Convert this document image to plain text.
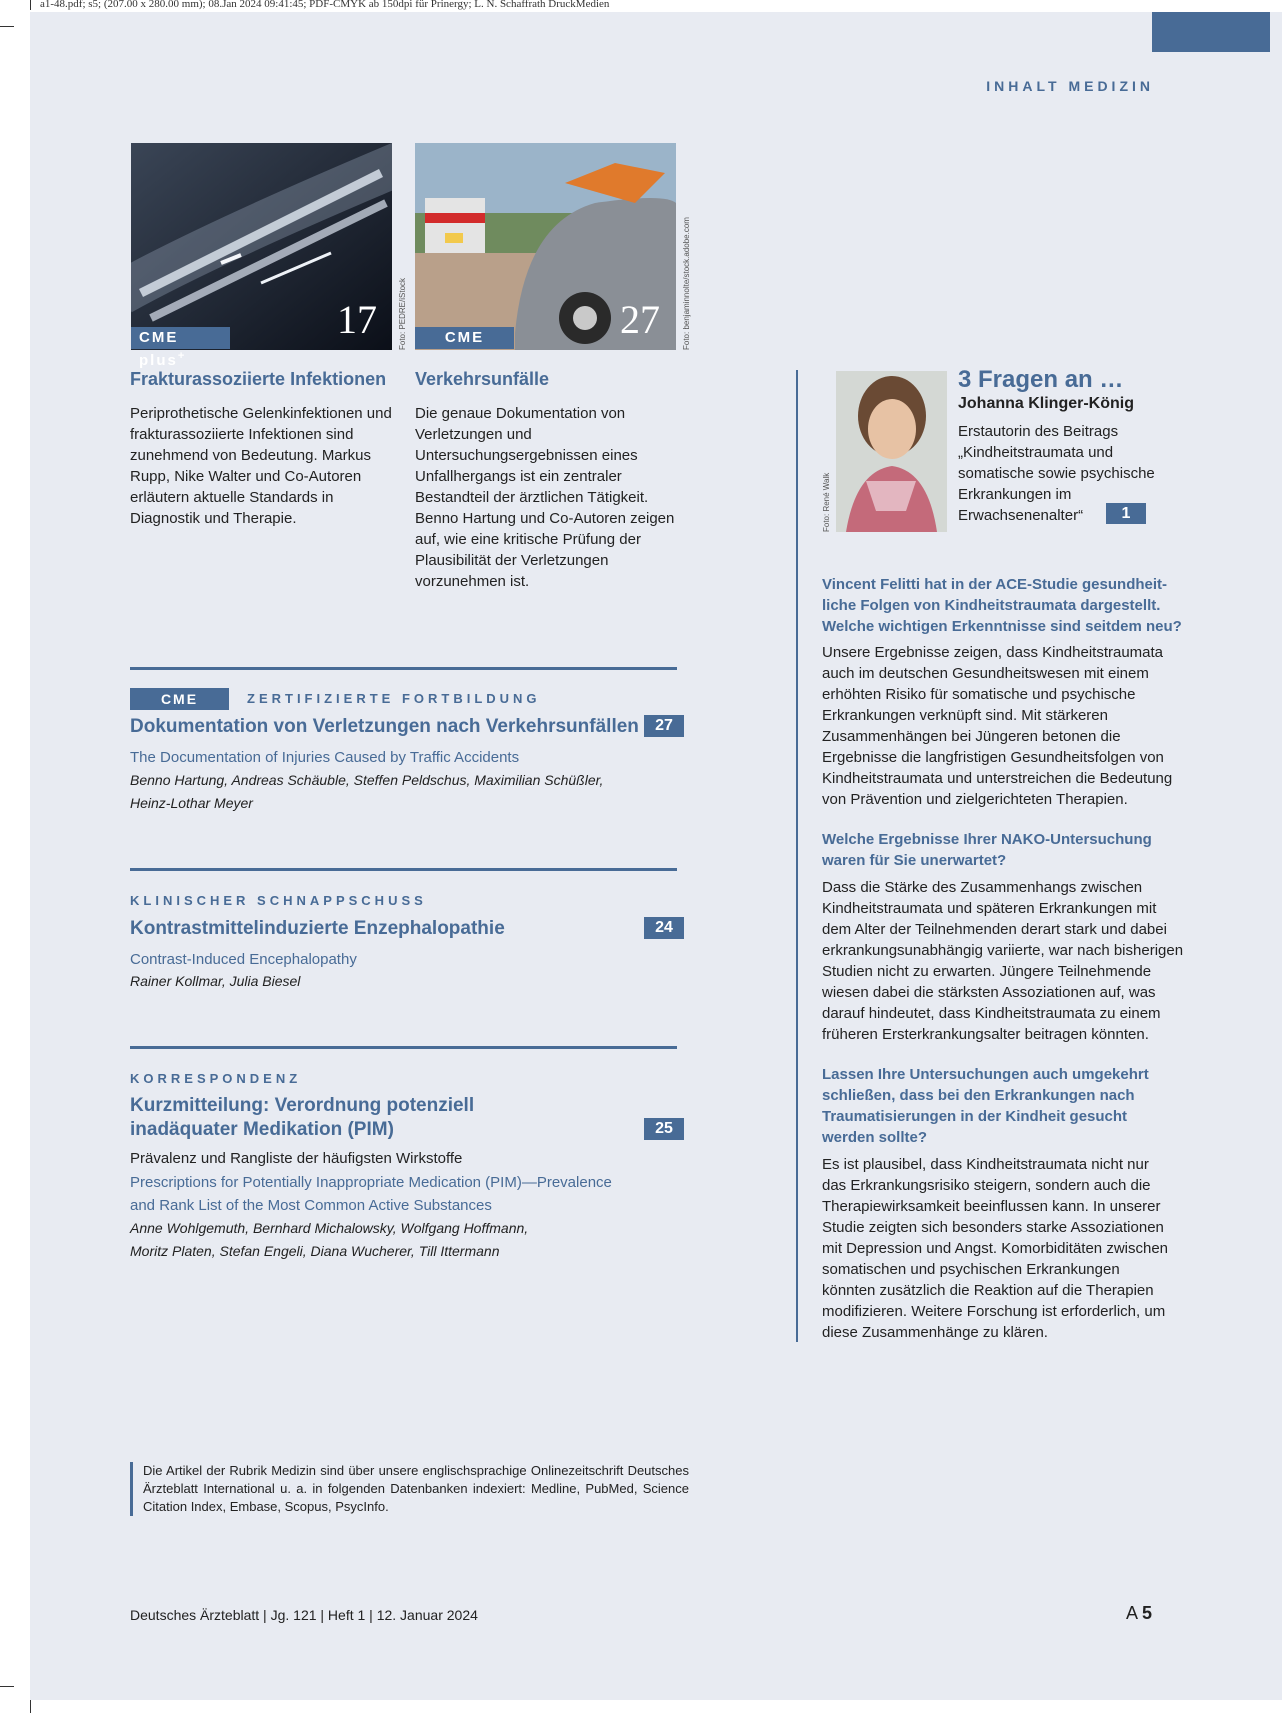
a1-48.pdf; s5; (207.00 x 280.00 mm); 08.Jan 2024 09:41:45; PDF-CMYK ab 150dpi für Prinergy; L. N. Schaffrath DruckMedien
INHALT MEDIZIN
CME plus+
17	Foto: PEDRE/iStock
Frakturassoziierte Infektionen
Periprothetische Gelenkinfektionen und frakturassoziierte Infektionen sind zunehmend von Bedeutung. Markus Rupp, Nike Walter und Co-Autoren erläutern aktuelle Standards in Diagnostik und Therapie.
CME	27	Foto: benjaminnolte/stock.adobe.com
Verkehrsunfälle
Die genaue Dokumentation von Verletzungen und Untersuchungsergebnissen eines Unfallhergangs ist ein zentraler Bestandteil der ärztlichen Tätigkeit. Benno Hartung und Co-Autoren zeigen auf, wie eine kritische Prüfung der Plausibilität der Verletzungen vorzunehmen ist.
CME	ZERTIFIZIERTE FORTBILDUNG
Dokumentation von Verletzungen nach Verkehrsunfällen	27
The Documentation of Injuries Caused by Traffic Accidents
Benno Hartung, Andreas Schäuble, Steffen Peldschus, Maximilian Schüßler,
Heinz-Lothar Meyer
KLINISCHER SCHNAPPSCHUSS
Kontrastmittelinduzierte Enzephalopathie	24
Contrast-Induced Encephalopathy
Rainer Kollmar, Julia Biesel
KORRESPONDENZ
Kurzmitteilung: Verordnung potenziell
inadäquater Medikation (PIM)	25
Prävalenz und Rangliste der häufigsten Wirkstoffe
Prescriptions for Potentially Inappropriate Medication (PIM)—Prevalence
and Rank List of the Most Common Active Substances
Anne Wohlgemuth, Bernhard Michalowsky, Wolfgang Hoffmann,
Moritz Platen, Stefan Engeli, Diana Wucherer, Till Ittermann
Foto: René Walk
3 Fragen an …
Johanna Klinger-König
Erstautorin des Beitrags
„Kindheitstraumata und
somatische sowie psychische
Erkrankungen im
Erwachsenenalter“	1
Vincent Felitti hat in der ACE-Studie gesundheit-
liche Folgen von Kindheitstraumata dargestellt.
Welche wichtigen Erkenntnisse sind seitdem neu?
Unsere Ergebnisse zeigen, dass Kindheitstraumata
auch im deutschen Gesundheitswesen mit einem
erhöhten Risiko für somatische und psychische
Erkrankungen verknüpft sind. Mit stärkeren
Zusammenhängen bei Jüngeren betonen die
Ergebnisse die langfristigen Gesundheitsfolgen von
Kindheitstraumata und unterstreichen die Bedeutung
von Prävention und zielgerichteten Therapien.
Welche Ergebnisse Ihrer NAKO-Untersuchung
waren für Sie unerwartet?
Dass die Stärke des Zusammenhangs zwischen
Kindheitstraumata und späteren Erkrankungen mit
dem Alter der Teilnehmenden derart stark und dabei
erkrankungsunabhängig variierte, war nach bisherigen
Studien nicht zu erwarten. Jüngere Teilnehmende
wiesen dabei die stärksten Assoziationen auf, was
darauf hindeutet, dass Kindheitstraumata zu einem
früheren Ersterkrankungsalter beitragen könnten.
Lassen Ihre Untersuchungen auch umgekehrt
schließen, dass bei den Erkrankungen nach
Traumatisierungen in der Kindheit gesucht
werden sollte?
Es ist plausibel, dass Kindheitstraumata nicht nur
das Erkrankungsrisiko steigern, sondern auch die
Therapiewirksamkeit beeinflussen kann. In unserer
Studie zeigten sich besonders starke Assoziationen
mit Depression und Angst. Komorbiditäten zwischen
somatischen und psychischen Erkrankungen
könnten zusätzlich die Reaktion auf die Therapien
modifizieren. Weitere Forschung ist erforderlich, um
diese Zusammenhänge zu klären.
Die Artikel der Rubrik Medizin sind über unsere englischsprachige Onlinezeitschrift Deutsches Ärzteblatt International u. a. in folgenden Datenbanken indexiert: Medline, PubMed, Science Citation Index, Embase, Scopus, PsycInfo.
Deutsches Ärzteblatt | Jg. 121 | Heft 1 | 12. Januar 2024	A 5
